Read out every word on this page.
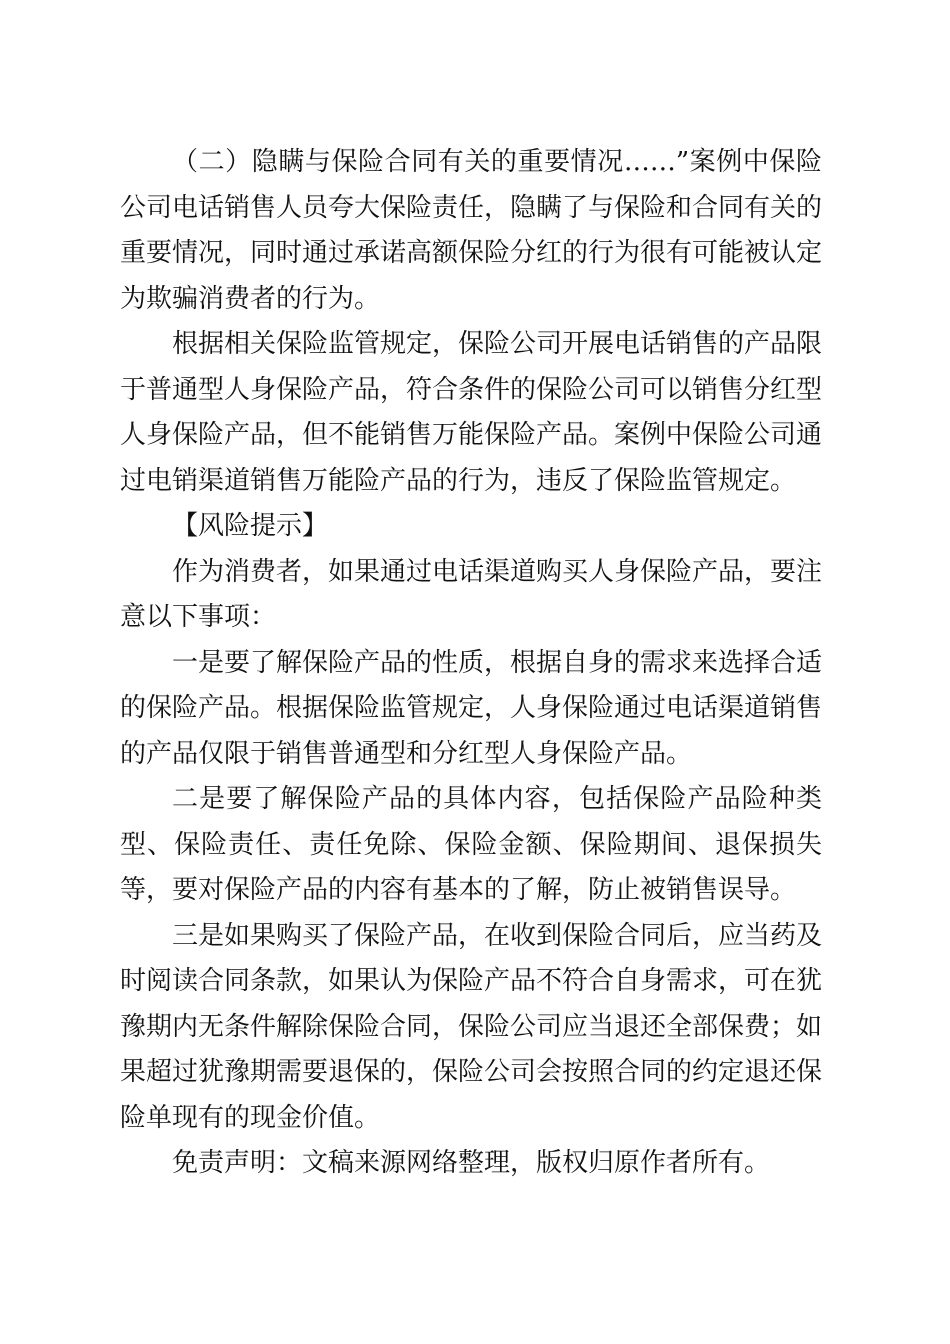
（二）隐瞒与保险合同有关的重要情况……”案例中保险公司电话销售人员夸大保险责任，隐瞒了与保险和合同有关的重要情况，同时通过承诺高额保险分红的行为很有可能被认定为欺骗消费者的行为。

根据相关保险监管规定，保险公司开展电话销售的产品限于普通型人身保险产品，符合条件的保险公司可以销售分红型人身保险产品，但不能销售万能保险产品。案例中保险公司通过电销渠道销售万能险产品的行为，违反了保险监管规定。

【风险提示】

作为消费者，如果通过电话渠道购买人身保险产品，要注意以下事项：

一是要了解保险产品的性质，根据自身的需求来选择合适的保险产品。根据保险监管规定，人身保险通过电话渠道销售的产品仅限于销售普通型和分红型人身保险产品。

二是要了解保险产品的具体内容，包括保险产品险种类型、保险责任、责任免除、保险金额、保险期间、退保损失等，要对保险产品的内容有基本的了解，防止被销售误导。

三是如果购买了保险产品，在收到保险合同后，应当药及时阅读合同条款，如果认为保险产品不符合自身需求，可在犹豫期内无条件解除保险合同，保险公司应当退还全部保费；如果超过犹豫期需要退保的，保险公司会按照合同的约定退还保险单现有的现金价值。

免责声明：文稿来源网络整理，版权归原作者所有。
